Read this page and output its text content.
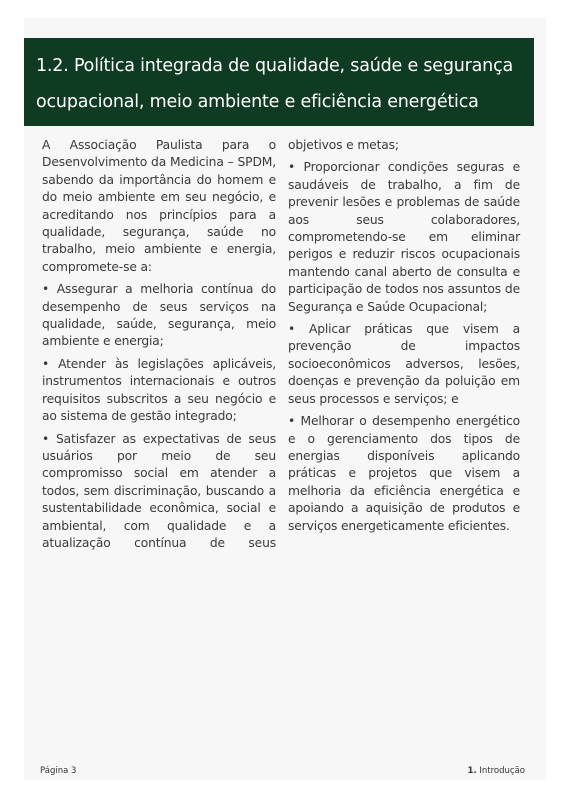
1.2. Política integrada de qualidade, saúde e segurança
ocupacional, meio ambiente e eficiência energética

A Associação Paulista para o Desenvolvimento da Medicina – SPDM, sabendo da importância do homem e do meio ambiente em seu negócio, e acreditando nos princípios para a qualidade, segurança, saúde no trabalho, meio ambiente e energia, compromete-se a:

• Assegurar a melhoria contínua do desempenho de seus serviços na qualidade, saúde, segurança, meio ambiente e energia;

• Atender às legislações aplicáveis, instrumentos internacionais e outros requisitos subscritos a seu negócio e ao sistema de gestão integrado;

• Satisfazer as expectativas de seus usuários por meio de seu compromisso social em atender a todos, sem discriminação, buscando a sustentabilidade econômica, social e ambiental, com qualidade e a atualização contínua de seus

objetivos e metas;

• Proporcionar condições seguras e saudáveis de trabalho, a fim de prevenir lesões e problemas de saúde aos seus colaboradores, comprometendo-se em eliminar perigos e reduzir riscos ocupacionais mantendo canal aberto de consulta e participação de todos nos assuntos de Segurança e Saúde Ocupacional;

• Aplicar práticas que visem a prevenção de impactos socioeconômicos adversos, lesões, doenças e prevenção da poluição em seus processos e serviços; e

• Melhorar o desempenho energético e o gerenciamento dos tipos de energias disponíveis aplicando práticas e projetos que visem a melhoria da eficiência energética e apoiando a aquisição de produtos e serviços energeticamente eficientes.

Página 3	1. Introdução
